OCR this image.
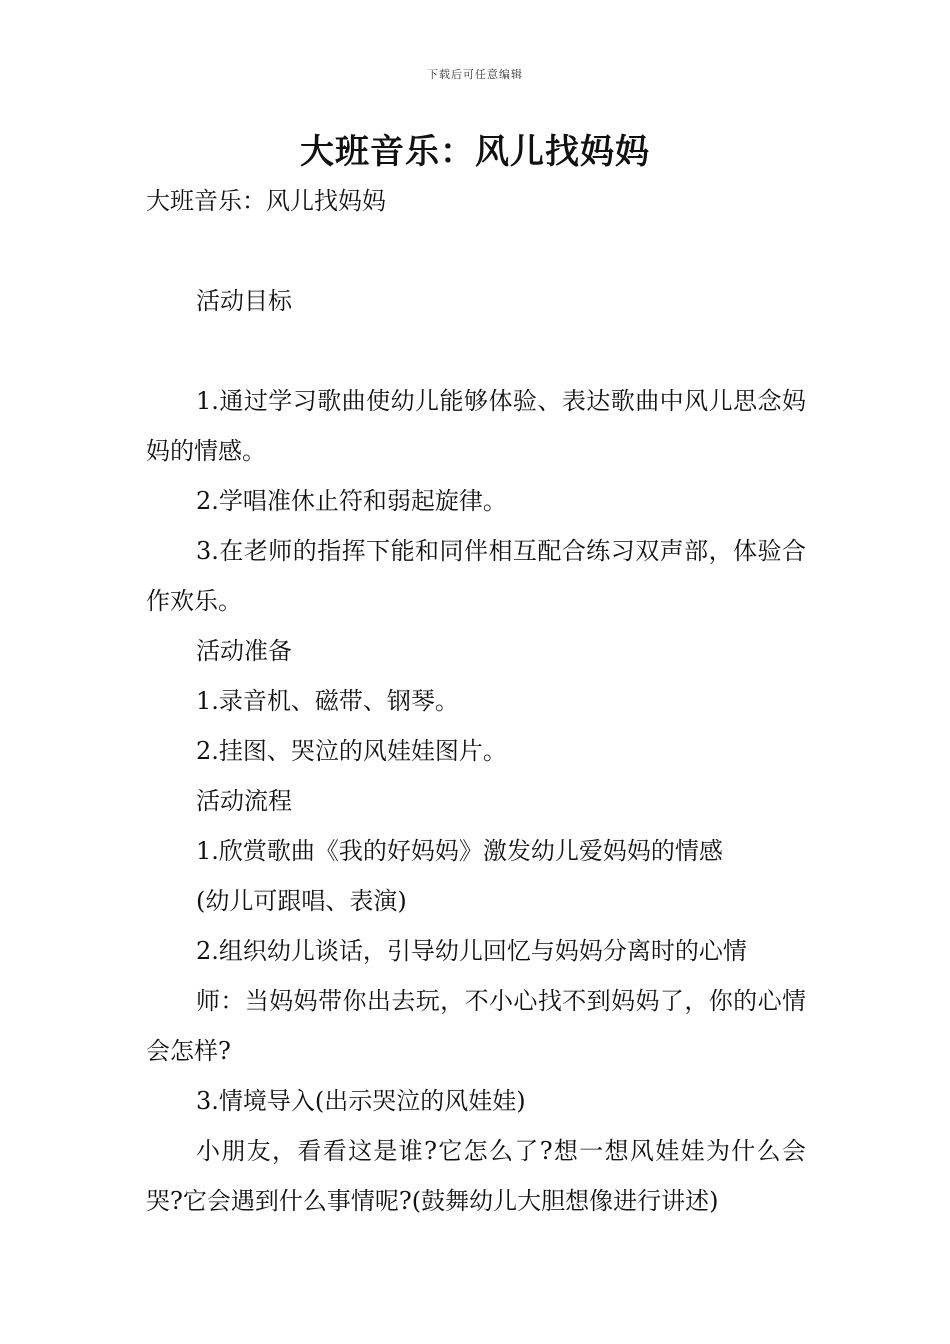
下载后可任意编辑
大班音乐：风儿找妈妈

大班音乐：风儿找妈妈

活动目标

1.通过学习歌曲使幼儿能够体验、表达歌曲中风儿思念妈妈的情感。

2.学唱准休止符和弱起旋律。

3.在老师的指挥下能和同伴相互配合练习双声部，体验合作欢乐。

活动准备

1.录音机、磁带、钢琴。

2.挂图、哭泣的风娃娃图片。

活动流程

1.欣赏歌曲《我的好妈妈》激发幼儿爱妈妈的情感

(幼儿可跟唱、表演)

2.组织幼儿谈话，引导幼儿回忆与妈妈分离时的心情

师：当妈妈带你出去玩，不小心找不到妈妈了，你的心情会怎样?

3.情境导入(出示哭泣的风娃娃)

小朋友，看看这是谁?它怎么了?想一想风娃娃为什么会哭?它会遇到什么事情呢?(鼓舞幼儿大胆想像进行讲述)
